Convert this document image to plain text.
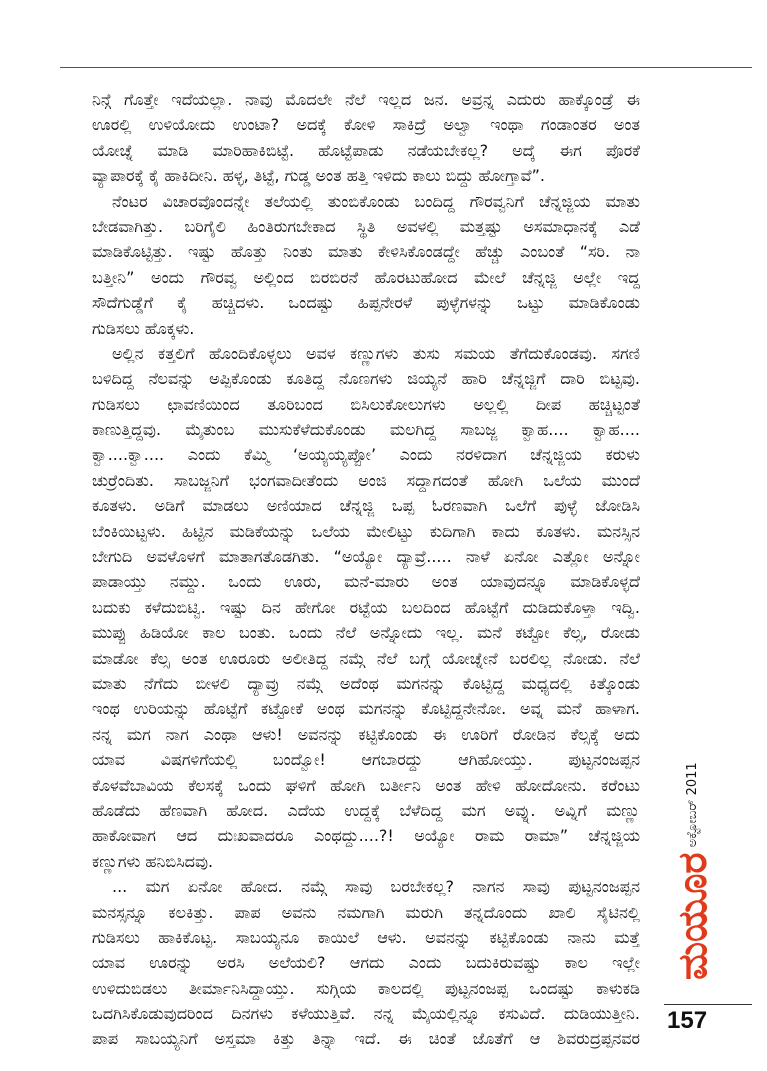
ನಿನ್ಗೆ ಗೊತ್ತೇ ಇದೆಯಲ್ಲಾ. ನಾವು ಮೊದಲೇ ನೆಲೆ ಇಲ್ಲದ ಜನ. ಅವ್ರನ್ನ ಎದುರು ಹಾಕ್ಕೊಂಡ್ರೆ ಈ
ಊರಲ್ಲಿ ಉಳಿಯೋದು ಉಂಟಾ? ಅದಕ್ಕೆ ಕೋಳಿ ಸಾಕಿದ್ರೆ ಅಲ್ವಾ ಇಂಥಾ ಗಂಡಾಂತರ ಅಂತ
ಯೋಚ್ನೆ ಮಾಡಿ ಮಾರಿಹಾಕಿಬಿಟ್ಟೆ. ಹೊಟ್ಟೆಪಾಡು ನಡೆಯಬೇಕಲ್ಲ? ಅದ್ಕೆ ಈಗ ಪೊರಕೆ
ವ್ಯಾಪಾರಕ್ಕೆ ಕೈ ಹಾಕಿದೀನಿ. ಹಳ್ಳ, ತಿಟ್ಟೆ, ಗುಡ್ಡ ಅಂತ ಹತ್ತಿ ಇಳಿದು ಕಾಲು ಬಿದ್ದು ಹೋಗ್ತಾವೆ”.
ನೆಂಟರ ವಿಚಾರವೊಂದನ್ನೇ ತಲೆಯಲ್ಲಿ ತುಂಬಿಕೊಂಡು ಬಂದಿದ್ದ ಗೌರವ್ವನಿಗೆ ಚೆನ್ನಜ್ಜಿಯ ಮಾತು
ಬೇಡವಾಗಿತ್ತು. ಬರಿಗೈಲಿ ಹಿಂತಿರುಗಬೇಕಾದ ಸ್ಥಿತಿ ಅವಳಲ್ಲಿ ಮತ್ತಷ್ಟು ಅಸಮಾಧಾನಕ್ಕೆ ಎಡೆ
ಮಾಡಿಕೊಟ್ಟಿತ್ತು. ಇಷ್ಟು ಹೊತ್ತು ನಿಂತು ಮಾತು ಕೇಳಿಸಿಕೊಂಡದ್ದೇ ಹೆಚ್ಚು ಎಂಬಂತೆ “ಸರಿ. ನಾ
ಬತ್ತೀನಿ” ಅಂದು ಗೌರವ್ವ ಅಲ್ಲಿಂದ ಬಿರಬಿರನೆ ಹೊರಟುಹೋದ ಮೇಲೆ ಚೆನ್ನಜ್ಜಿ ಅಲ್ಲೇ ಇದ್ದ
ಸೌದೆಗುಡ್ಡೆಗೆ ಕೈ ಹಚ್ಚಿದಳು. ಒಂದಷ್ಟು ಹಿಪ್ಪನೇರಳೆ ಪುಳ್ಳೆಗಳನ್ನು ಒಟ್ಟು ಮಾಡಿಕೊಂಡು
ಗುಡಿಸಲು ಹೊಕ್ಕಳು.
ಅಲ್ಲಿನ ಕತ್ತಲಿಗೆ ಹೊಂದಿಕೊಳ್ಳಲು ಅವಳ ಕಣ್ಣುಗಳು ತುಸು ಸಮಯ ತೆಗೆದುಕೊಂಡವು. ಸಗಣಿ
ಬಳಿದಿದ್ದ ನೆಲವನ್ನು ಅಪ್ಪಿಕೊಂಡು ಕೂತಿದ್ದ ನೊಣಗಳು ಜಿಯ್ಯನೆ ಹಾರಿ ಚೆನ್ನಜ್ಜಿಗೆ ದಾರಿ ಬಿಟ್ಟವು.
ಗುಡಿಸಲು ಛಾವಣಿಯಿಂದ ತೂರಿಬಂದ ಬಿಸಿಲುಕೋಲುಗಳು ಅಲ್ಲಲ್ಲಿ ದೀಪ ಹಚ್ಚಿಟ್ಟಂತೆ
ಕಾಣುತ್ತಿದ್ದವು. ಮೈತುಂಬ ಮುಸುಕೆಳೆದುಕೊಂಡು ಮಲಗಿದ್ದ ಸಾಬಜ್ಜ ಕ್ವಾಹ.... ಕ್ವಾಹ....
ಕ್ವಾ....ಕ್ವಾ.... ಎಂದು ಕೆಮ್ಮಿ ‘ಅಯ್ಯಯ್ಯಪ್ಪೋ’ ಎಂದು ನರಳಿದಾಗ ಚೆನ್ನಜ್ಜಿಯ ಕರುಳು
ಚುರ್ರೆಂದಿತು. ಸಾಬಜ್ಜನಿಗೆ ಭಂಗವಾದೀತೆಂದು ಅಂಜಿ ಸದ್ದಾಗದಂತೆ ಹೋಗಿ ಒಲೆಯ ಮುಂದೆ
ಕೂತಳು. ಅಡಿಗೆ ಮಾಡಲು ಅಣಿಯಾದ ಚೆನ್ನಜ್ಜಿ ಒಪ್ಪ ಓರಣವಾಗಿ ಒಲೆಗೆ ಪುಳ್ಳೆ ಜೋಡಿಸಿ
ಬೆಂಕಿಯಿಟ್ಟಳು. ಹಿಟ್ಟಿನ ಮಡಿಕೆಯನ್ನು ಒಲೆಯ ಮೇಲಿಟ್ಟು ಕುದಿಗಾಗಿ ಕಾದು ಕೂತಳು. ಮನಸ್ಸಿನ
ಬೇಗುದಿ ಅವಳೊಳಗೆ ಮಾತಾಗತೊಡಗಿತು. “ಅಯ್ಯೋ ದ್ಯಾವ್ರೆ..... ನಾಳೆ ಏನೋ ಎತ್ಲೋ ಅನ್ನೋ
ಪಾಡಾಯ್ತು ನಮ್ದು. ಒಂದು ಊರು, ಮನೆ-ಮಾರು ಅಂತ ಯಾವುದನ್ನೂ ಮಾಡಿಕೊಳ್ಳದೆ
ಬದುಕು ಕಳೆದುಬಿಟ್ವಿ. ಇಷ್ಟು ದಿನ ಹೇಗೋ ರಟ್ಟೆಯ ಬಲದಿಂದ ಹೊಟ್ಟೆಗೆ ದುಡಿದುಕೊಳ್ತಾ ಇದ್ವಿ.
ಮುಪ್ಪು ಹಿಡಿಯೋ ಕಾಲ ಬಂತು. ಒಂದು ನೆಲೆ ಅನ್ನೋದು ಇಲ್ಲ. ಮನೆ ಕಟ್ಟೋ ಕೆಲ್ಸ, ರೋಡು
ಮಾಡೋ ಕೆಲ್ಸ ಅಂತ ಊರೂರು ಅಲೀತಿದ್ದ ನಮ್ಗೆ ನೆಲೆ ಬಗ್ಗೆ ಯೋಚ್ನೇನೆ ಬರಲಿಲ್ಲ ನೋಡು. ನೆಲೆ
ಮಾತು ನೆಗೆದು ಬೀಳಲಿ ದ್ಯಾವ್ರು ನಮ್ಗೆ ಅದೆಂಥ ಮಗನನ್ನು ಕೊಟ್ಟಿದ್ದ ಮಧ್ಯದಲ್ಲಿ ಕಿತ್ಕೊಂಡು
ಇಂಥ ಉರಿಯನ್ನು ಹೊಟ್ಟೆಗೆ ಕಟ್ಟೋಕೆ ಅಂಥ ಮಗನನ್ನು ಕೊಟ್ಟಿದ್ದನೇನೋ. ಅವ್ನ ಮನೆ ಹಾಳಾಗ.
ನನ್ನ ಮಗ ನಾಗ ಎಂಥಾ ಆಳು! ಅವನನ್ನು ಕಟ್ಟಿಕೊಂಡು ಈ ಊರಿಗೆ ರೋಡಿನ ಕೆಲ್ಸಕ್ಕೆ ಅದು
ಯಾವ ವಿಷಗಳಿಗೆಯಲ್ಲಿ ಬಂದ್ವೋ! ಆಗಬಾರದ್ದು ಆಗಿಹೋಯ್ತು. ಪುಟ್ಟನಂಜಪ್ಪನ
ಕೊಳವೆಬಾವಿಯ ಕೆಲಸಕ್ಕೆ ಒಂದು ಘಳಿಗೆ ಹೋಗಿ ಬರ್ತೀನಿ ಅಂತ ಹೇಳಿ ಹೋದೋನು. ಕರೆಂಟು
ಹೊಡೆದು ಹೆಣವಾಗಿ ಹೋದ. ಎದೆಯ ಉದ್ದಕ್ಕೆ ಬೆಳೆದಿದ್ದ ಮಗ ಅವ್ನು. ಅವ್ನಿಗೆ ಮಣ್ಣು
ಹಾಕೋವಾಗ ಆದ ದುಃಖವಾದರೂ ಎಂಥದ್ದು....?! ಅಯ್ಯೋ ರಾಮ ರಾಮಾ” ಚೆನ್ನಜ್ಜಿಯ
ಕಣ್ಣುಗಳು ಹನಿಬಿಸಿದವು.
... ಮಗ ಏನೋ ಹೋದ. ನಮ್ಗೆ ಸಾವು ಬರಬೇಕಲ್ಲ? ನಾಗನ ಸಾವು ಪುಟ್ಟನಂಜಪ್ಪನ
ಮನಸ್ಸನ್ನೂ ಕಲಕಿತ್ತು. ಪಾಪ ಅವನು ನಮಗಾಗಿ ಮರುಗಿ ತನ್ನದೊಂದು ಖಾಲಿ ಸೈಟಿನಲ್ಲಿ
ಗುಡಿಸಲು ಹಾಕಿಕೊಟ್ಟ. ಸಾಬಯ್ಯನೂ ಕಾಯಿಲೆ ಆಳು. ಅವನನ್ನು ಕಟ್ಟಿಕೊಂಡು ನಾನು ಮತ್ತೆ
ಯಾವ ಊರನ್ನು ಅರಸಿ ಅಲೆಯಲಿ? ಆಗದು ಎಂದು ಬದುಕಿರುವಷ್ಟು ಕಾಲ ಇಲ್ಲೇ
ಉಳಿದುಬಿಡಲು ತೀರ್ಮಾನಿಸಿದ್ದಾಯ್ತು. ಸುಗ್ಗಿಯ ಕಾಲದಲ್ಲಿ ಪುಟ್ಟನಂಜಪ್ಪ ಒಂದಷ್ಟು ಕಾಳುಕಡಿ
ಒದಗಿಸಿಕೊಡುವುದರಿಂದ ದಿನಗಳು ಕಳೆಯುತ್ತಿವೆ. ನನ್ನ ಮೈಯಲ್ಲಿನ್ನೂ ಕಸುವಿದೆ. ದುಡಿಯುತ್ತೀನಿ.
ಪಾಪ ಸಾಬಯ್ಯನಿಗೆ ಅಸ್ತಮಾ ಕಿತ್ತು ತಿನ್ನಾ ಇದೆ. ಈ ಚಿಂತೆ ಜೊತೆಗೆ ಆ ಶಿವರುದ್ರಪ್ಪನವರ
ಮಯೂರ ಅಕ್ಟೋಬರ್ 2011
157
